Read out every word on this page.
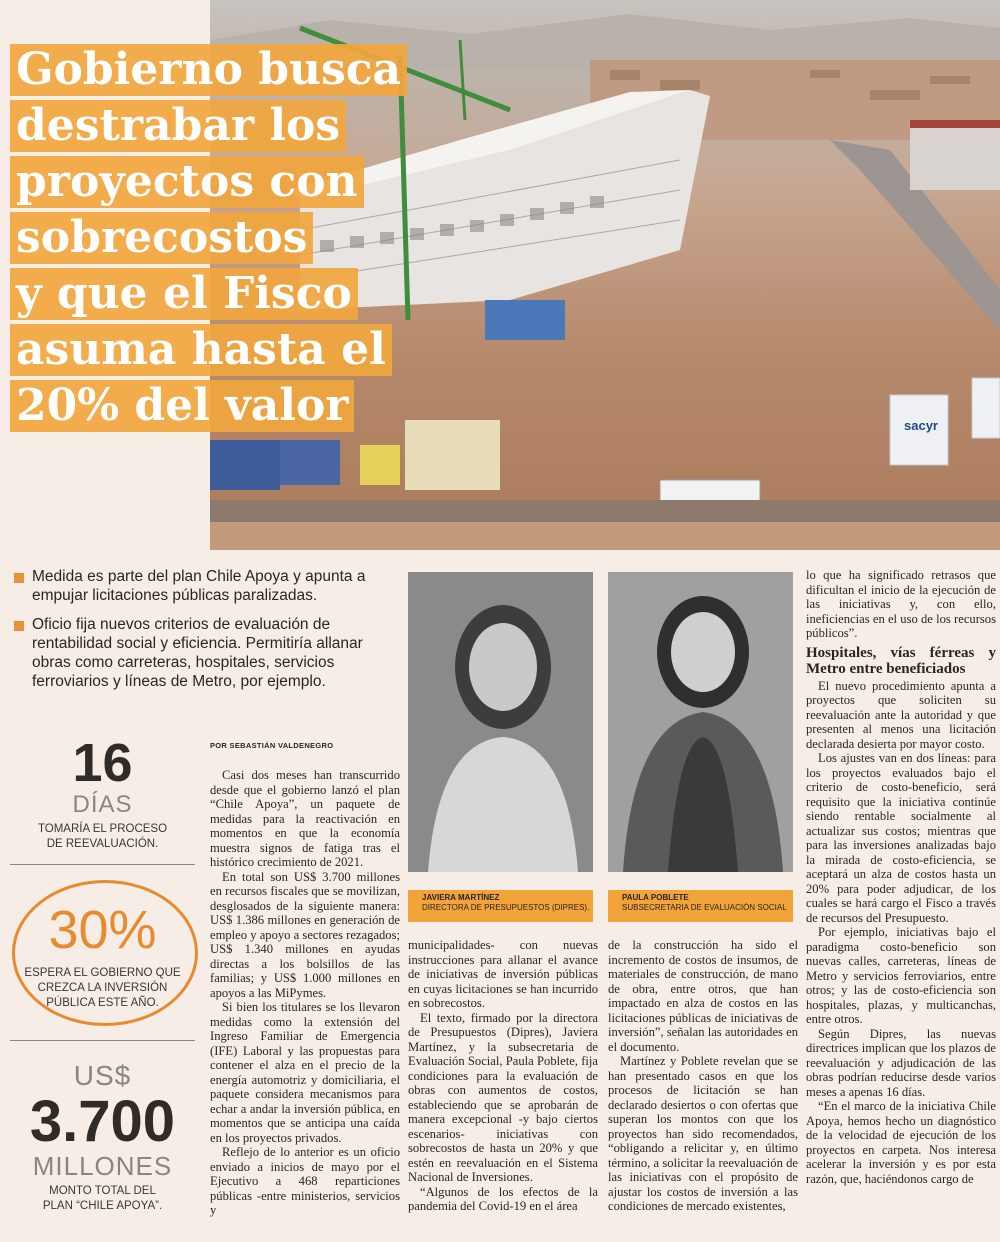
sacyr
Gobierno busca
destrabar los
proyectos con
sobrecostos
y que el Fisco
asuma hasta el
20% del valor
Medida es parte del plan Chile Apoya y apunta a empujar licitaciones públicas paralizadas.
Oficio fija nuevos criterios de evaluación de rentabilidad social y eficiencia. Permitiría allanar obras como carreteras, hospitales, servicios ferroviarios y líneas de Metro, por ejemplo.
16
DÍAS
TOMARÍA EL PROCESO DE REEVALUACIÓN.
30%
ESPERA EL GOBIERNO QUE CREZCA LA INVERSIÓN PÚBLICA ESTE AÑO.
US$
3.700
MILLONES
MONTO TOTAL DEL PLAN “CHILE APOYA”.
POR SEBASTIÁN VALDENEGRO

Casi dos meses han transcurrido desde que el gobierno lanzó el plan “Chile Apoya”, un paquete de medidas para la reactivación en momentos en que la economía muestra signos de fatiga tras el histórico crecimiento de 2021.

En total son US$ 3.700 millones en recursos fiscales que se movilizan, desglosados de la siguiente manera: US$ 1.386 millones en generación de empleo y apoyo a sectores rezagados; US$ 1.340 millones en ayudas directas a los bolsillos de las familias; y US$ 1.000 millones en apoyos a las MiPymes.

Si bien los titulares se los llevaron medidas como la extensión del Ingreso Familiar de Emergencia (IFE) Laboral y las propuestas para contener el alza en el precio de la energía automotriz y domiciliaria, el paquete considera mecanismos para echar a andar la inversión pública, en momentos que se anticipa una caída en los proyectos privados.

Reflejo de lo anterior es un oficio enviado a inicios de mayo por el Ejecutivo a 468 reparticiones públicas -entre ministerios, servicios y

JAVIERA MARTÍNEZ
DIRECTORA DE PRESUPUESTOS (DIPRES).
PAULA POBLETE
SUBSECRETARIA DE EVALUACIÓN SOCIAL

municipalidades- con nuevas instrucciones para allanar el avance de iniciativas de inversión públicas en cuyas licitaciones se han incurrido en sobrecostos.

El texto, firmado por la directora de Presupuestos (Dipres), Javiera Martínez, y la subsecretaria de Evaluación Social, Paula Poblete, fija condiciones para la evaluación de obras con aumentos de costos, estableciendo que se aprobarán de manera excepcional -y bajo ciertos escenarios- iniciativas con sobrecostos de hasta un 20% y que estén en reevaluación en el Sistema Nacional de Inversiones.

“Algunos de los efectos de la pandemia del Covid-19 en el área

de la construcción ha sido el incremento de costos de insumos, de materiales de construcción, de mano de obra, entre otros, que han impactado en alza de costos en las licitaciones públicas de iniciativas de inversión”, señalan las autoridades en el documento.

Martínez y Poblete revelan que se han presentado casos en que los procesos de licitación se han declarado desiertos o con ofertas que superan los montos con que los proyectos han sido recomendados, “obligando a relicitar y, en último término, a solicitar la reevaluación de las iniciativas con el propósito de ajustar los costos de inversión a las condiciones de mercado existentes,

lo que ha significado retrasos que dificultan el inicio de la ejecución de las iniciativas y, con ello, ineficiencias en el uso de los recursos públicos”.

Hospitales, vías férreas y Metro entre beneficiados

El nuevo procedimiento apunta a proyectos que soliciten su reevaluación ante la autoridad y que presenten al menos una licitación declarada desierta por mayor costo.

Los ajustes van en dos líneas: para los proyectos evaluados bajo el criterio de costo-beneficio, será requisito que la iniciativa continúe siendo rentable socialmente al actualizar sus costos; mientras que para las inversiones analizadas bajo la mirada de costo-eficiencia, se aceptará un alza de costos hasta un 20% para poder adjudicar, de los cuales se hará cargo el Fisco a través de recursos del Presupuesto.

Por ejemplo, iniciativas bajo el paradigma costo-beneficio son nuevas calles, carreteras, líneas de Metro y servicios ferroviarios, entre otros; y las de costo-eficiencia son hospitales, plazas, y multicanchas, entre otros.

Según Dipres, las nuevas directrices implican que los plazos de reevaluación y adjudicación de las obras podrían reducirse desde varios meses a apenas 16 días.

“En el marco de la iniciativa Chile Apoya, hemos hecho un diagnóstico de la velocidad de ejecución de los proyectos en carpeta. Nos interesa acelerar la inversión y es por esta razón, que, haciéndonos cargo de
